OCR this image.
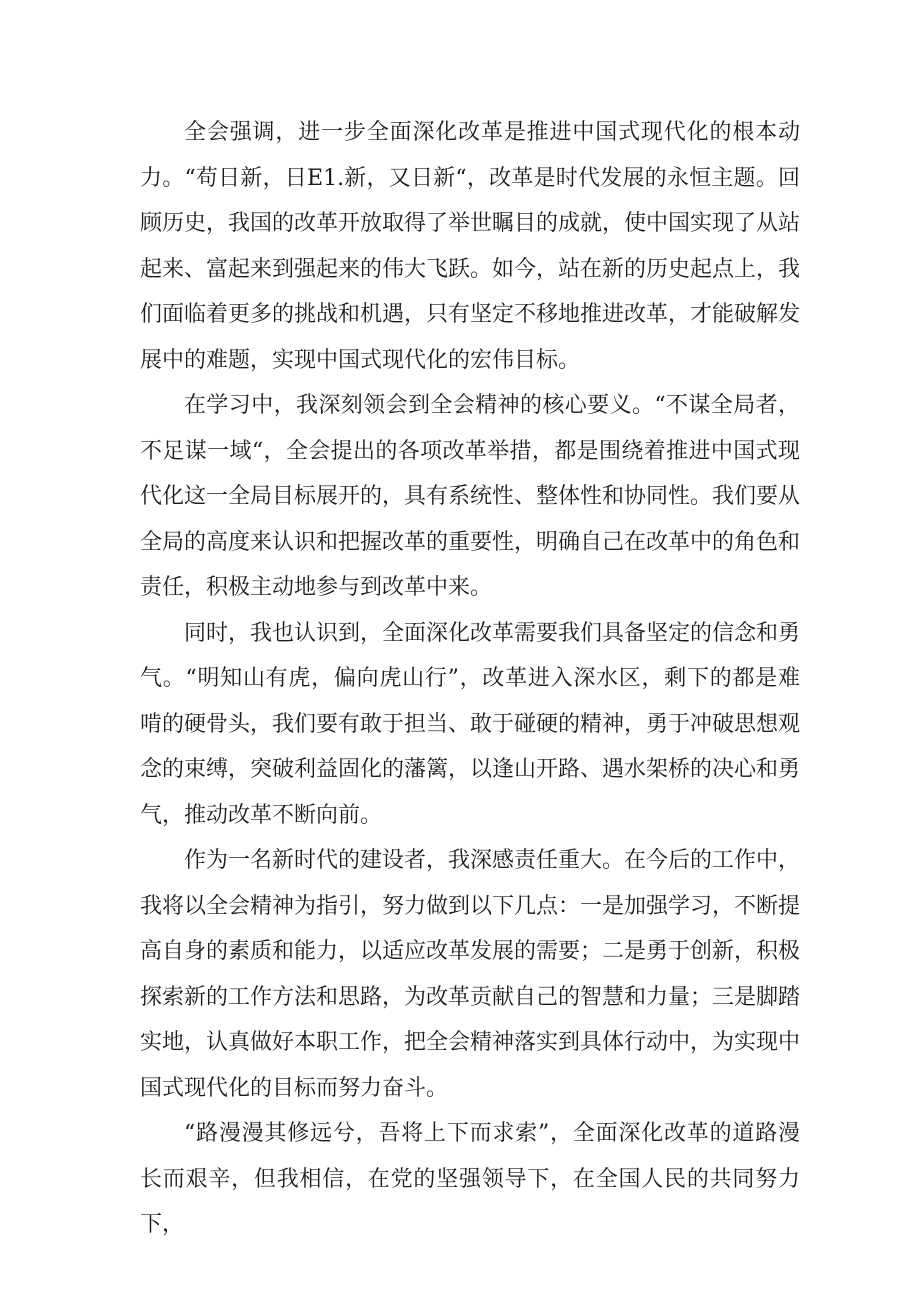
全会强调，进一步全面深化改革是推进中国式现代化的根本动力。“苟日新，日E1.新，又日新“，改革是时代发展的永恒主题。回顾历史，我国的改革开放取得了举世瞩目的成就，使中国实现了从站起来、富起来到强起来的伟大飞跃。如今，站在新的历史起点上，我们面临着更多的挑战和机遇，只有坚定不移地推进改革，才能破解发展中的难题，实现中国式现代化的宏伟目标。

在学习中，我深刻领会到全会精神的核心要义。“不谋全局者，不足谋一域“，全会提出的各项改革举措，都是围绕着推进中国式现代化这一全局目标展开的，具有系统性、整体性和协同性。我们要从全局的高度来认识和把握改革的重要性，明确自己在改革中的角色和责任，积极主动地参与到改革中来。

同时，我也认识到，全面深化改革需要我们具备坚定的信念和勇气。“明知山有虎，偏向虎山行”，改革进入深水区，剩下的都是难啃的硬骨头，我们要有敢于担当、敢于碰硬的精神，勇于冲破思想观念的束缚，突破利益固化的藩篱，以逢山开路、遇水架桥的决心和勇气，推动改革不断向前。

作为一名新时代的建设者，我深感责任重大。在今后的工作中，我将以全会精神为指引，努力做到以下几点：一是加强学习，不断提高自身的素质和能力，以适应改革发展的需要；二是勇于创新，积极探索新的工作方法和思路，为改革贡献自己的智慧和力量；三是脚踏实地，认真做好本职工作，把全会精神落实到具体行动中，为实现中国式现代化的目标而努力奋斗。

“路漫漫其修远兮，吾将上下而求索”，全面深化改革的道路漫长而艰辛，但我相信，在党的坚强领导下，在全国人民的共同努力下，
